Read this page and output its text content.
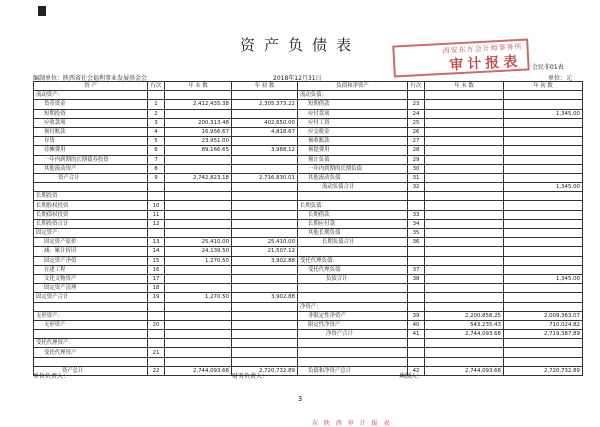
资产负债表	西安东方会计师事务所
审计报表 会民非01表
编制单位：陕西省社会福利事业发展基金会	2018年12月31日	单位：元
资 产	行次	年 末 数	年 初 数	负债和净资产	行次	年 末 数	年 初 数
流动资产：				流动负债：			
货币资金	1	2,412,435.38	2,305,373.22	短期借款	23		
短期投资	2			应付款项	24		1,345.00
应收款项	3	200,313.48	402,650.00	应付工资	25		
预付账款	4	16,956.67	4,818.67	应交税金	26		
存货	5	23,951.00		预收账款	27		
待摊费用	6	89,166.65	3,988.12	预提费用	28		
一年内到期的长期债券投资	7			预计负债	29		
其他流动资产	8			一年内到期的长期负债	30		
资产合计	9	2,742,823.18	2,716,830.01	其他流动负债	31		
				流动负债合计	32		1,345.00
长期投资							
长期股权投资	10			长期负债：			
长期债权投资	11			长期借款	33		
长期投资合计	12			长期应付款	34		
固定资产：				其他长期负债	35		
固定资产原价	13	25,410.00	25,410.00	长期负债合计	36		
减：累计折旧	14	24,139.50	21,507.12				
固定资产净值	15	1,270.50	3,902.88	受托代理负债：			
在建工程	16			受托代理负债	37		
文化文物资产	17			负债合计	38		1,345.00
固定资产清理	18						
固定资产合计	19	1,270.50	3,902.88				
				净资产：			
无形资产：				非限定性净资产	39	2,200,858.25	2,009,363.07
无形资产	20			限定性净资产	40	543,235.43	710,024.82
				净资产合计	41	2,744,093.68	2,719,387.89
受托代理资产：							
受托代理资产	21						

资产总计	22	2,744,093.68	2,720,732.89	负债和净资产总计	42	2,744,093.68	2,720,732.89
单位负责人：	财务负责人：	填制人：
3
东 陕 西 审 计 报 表
